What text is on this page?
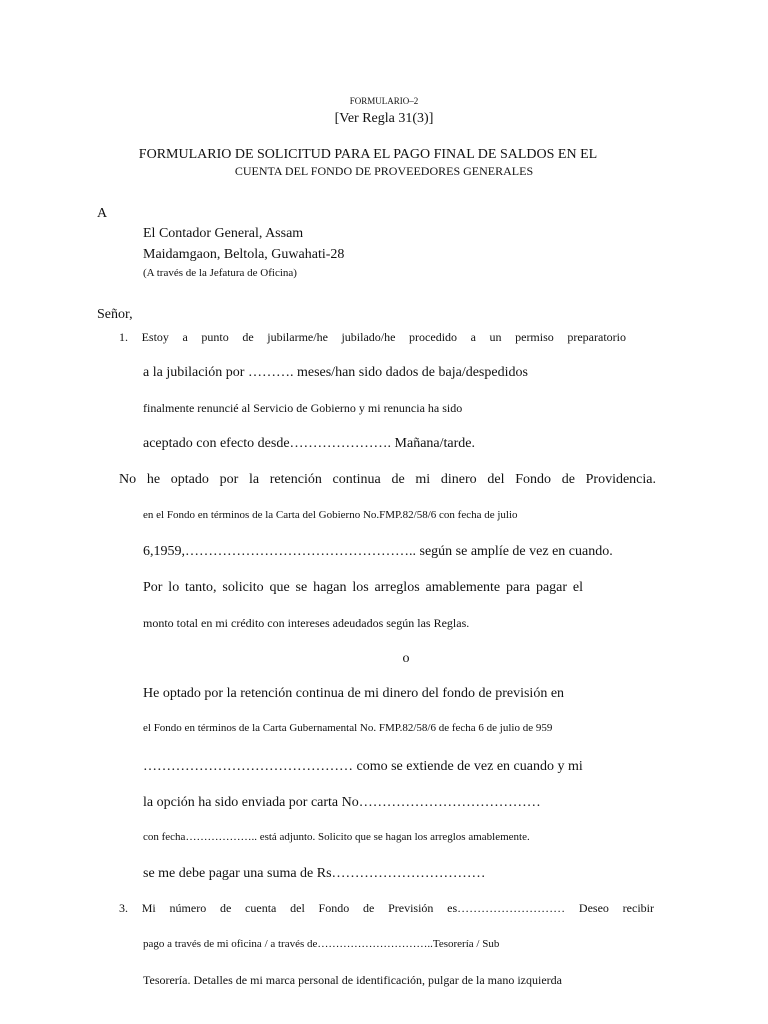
FORMULARIO–2
[Ver Regla 31(3)]
FORMULARIO DE SOLICITUD PARA EL PAGO FINAL DE SALDOS EN EL
CUENTA DEL FONDO DE PROVEEDORES GENERALES
A
El Contador General, Assam
Maidamgaon, Beltola, Guwahati-28
(A través de la Jefatura de Oficina)
Señor,
1. Estoy a punto de jubilarme/he jubilado/he procedido a un permiso preparatorio
a la jubilación por ………. meses/han sido dados de baja/despedidos
finalmente renuncié al Servicio de Gobierno y mi renuncia ha sido
aceptado con efecto desde…………………. Mañana/tarde.
No he optado por la retención continua de mi dinero del Fondo de Providencia.
en el Fondo en términos de la Carta del Gobierno No.FMP.82/58/6 con fecha de julio
6,1959,………………………………………….. según se amplíe de vez en cuando.
Por lo tanto, solicito que se hagan los arreglos amablemente para pagar el
monto total en mi crédito con intereses adeudados según las Reglas.
o
He optado por la retención continua de mi dinero del fondo de previsión en
el Fondo en términos de la Carta Gubernamental No. FMP.82/58/6 de fecha 6 de julio de 959
……………………………………… como se extiende de vez en cuando y mi
la opción ha sido enviada por carta No…………………………………
con fecha……………….. está adjunto. Solicito que se hagan los arreglos amablemente.
se me debe pagar una suma de Rs……………………………
3. Mi número de cuenta del Fondo de Previsión es……………………… Deseo recibir
pago a través de mi oficina / a través de…………………………..Tesorería / Sub
Tesorería. Detalles de mi marca personal de identificación, pulgar de la mano izquierda
